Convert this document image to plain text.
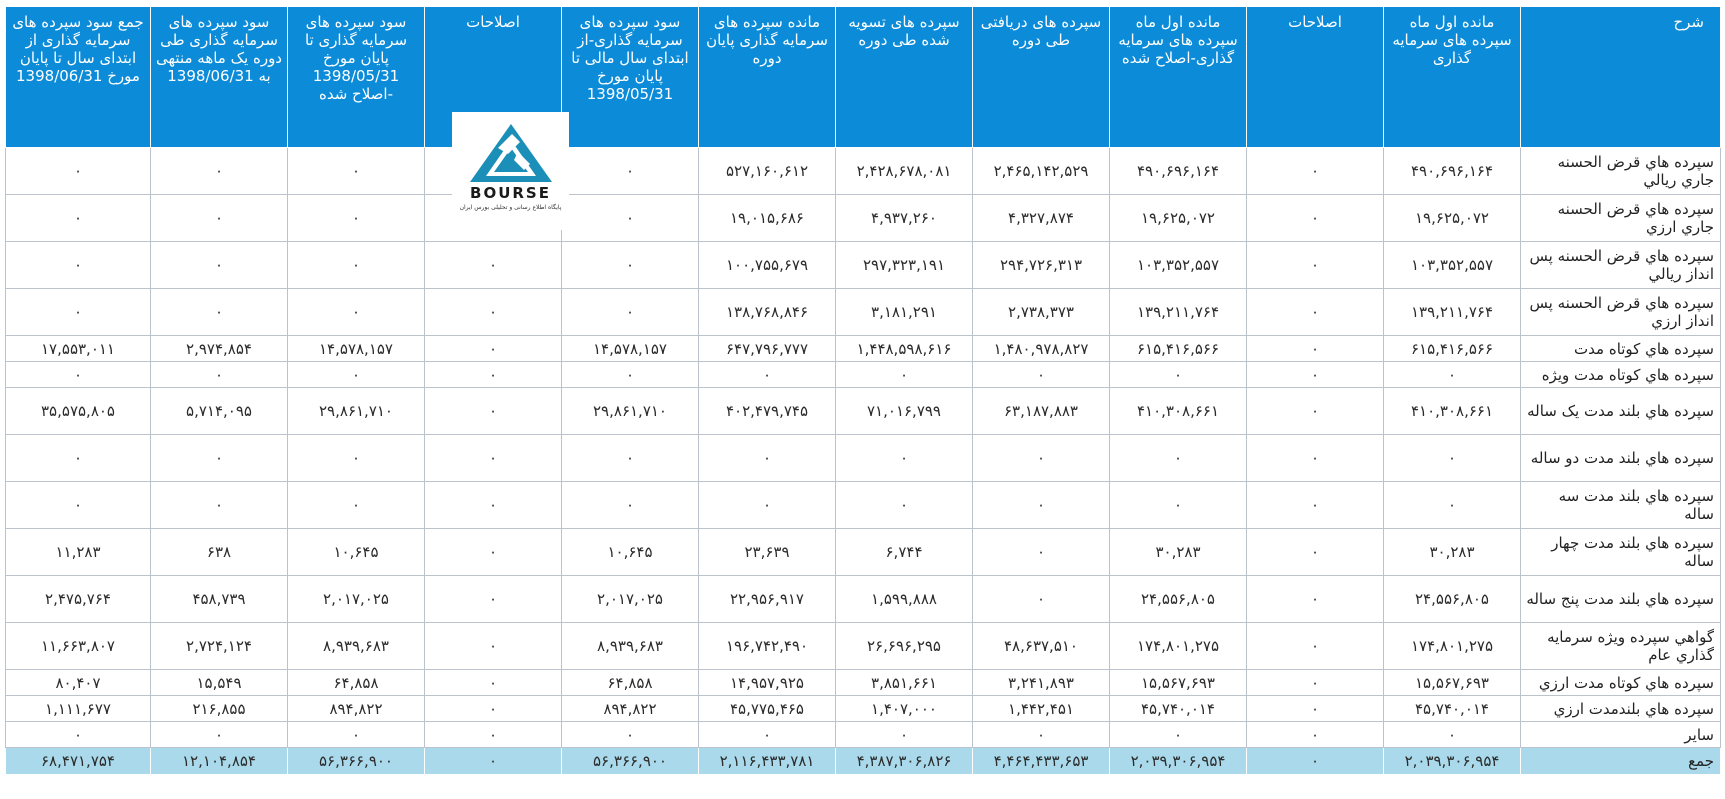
شرح	مانده اول ماه سپرده های سرمایه گذاری	اصلاحات	مانده اول ماه سپرده های سرمایه گذاری-اصلاح شده	سپرده های دریافتی طی دوره	سپرده های تسویه شده طی دوره	مانده سپرده های سرمایه گذاری پایان دوره	سود سپرده های سرمایه گذاری-از ابتدای سال مالی تا پایان مورخ 1398/05/31	اصلاحات	سود سپرده های سرمایه گذاری تا پایان مورخ 1398/05/31 -اصلاح شده	سود سپرده های سرمایه گذاری طی دوره یک ماهه منتهی به 1398/06/31	جمع سود سپرده های سرمایه گذاری از ابتدای سال تا پایان مورخ 1398/06/31
سپرده هاي قرض الحسنه جاري ريالي	۴۹۰,۶۹۶,۱۶۴	۰	۴۹۰,۶۹۶,۱۶۴	۲,۴۶۵,۱۴۲,۵۲۹	۲,۴۲۸,۶۷۸,۰۸۱	۵۲۷,۱۶۰,۶۱۲	۰		۰	۰	۰
سپرده هاي قرض الحسنه جاري ارزي	۱۹,۶۲۵,۰۷۲	۰	۱۹,۶۲۵,۰۷۲	۴,۳۲۷,۸۷۴	۴,۹۳۷,۲۶۰	۱۹,۰۱۵,۶۸۶	۰		۰	۰	۰
سپرده هاي قرض الحسنه پس انداز ريالي	۱۰۳,۳۵۲,۵۵۷	۰	۱۰۳,۳۵۲,۵۵۷	۲۹۴,۷۲۶,۳۱۳	۲۹۷,۳۲۳,۱۹۱	۱۰۰,۷۵۵,۶۷۹	۰	۰	۰	۰	۰
سپرده هاي قرض الحسنه پس انداز ارزي	۱۳۹,۲۱۱,۷۶۴	۰	۱۳۹,۲۱۱,۷۶۴	۲,۷۳۸,۳۷۳	۳,۱۸۱,۲۹۱	۱۳۸,۷۶۸,۸۴۶	۰	۰	۰	۰	۰
سپرده هاي كوتاه مدت	۶۱۵,۴۱۶,۵۶۶	۰	۶۱۵,۴۱۶,۵۶۶	۱,۴۸۰,۹۷۸,۸۲۷	۱,۴۴۸,۵۹۸,۶۱۶	۶۴۷,۷۹۶,۷۷۷	۱۴,۵۷۸,۱۵۷	۰	۱۴,۵۷۸,۱۵۷	۲,۹۷۴,۸۵۴	۱۷,۵۵۳,۰۱۱
سپرده هاي كوتاه مدت ويژه	۰	۰	۰	۰	۰	۰	۰	۰	۰	۰	۰
سپرده هاي بلند مدت يک ساله	۴۱۰,۳۰۸,۶۶۱	۰	۴۱۰,۳۰۸,۶۶۱	۶۳,۱۸۷,۸۸۳	۷۱,۰۱۶,۷۹۹	۴۰۲,۴۷۹,۷۴۵	۲۹,۸۶۱,۷۱۰	۰	۲۹,۸۶۱,۷۱۰	۵,۷۱۴,۰۹۵	۳۵,۵۷۵,۸۰۵
سپرده هاي بلند مدت دو ساله	۰	۰	۰	۰	۰	۰	۰	۰	۰	۰	۰
سپرده هاي بلند مدت سه ساله	۰	۰	۰	۰	۰	۰	۰	۰	۰	۰	۰
سپرده هاي بلند مدت چهار ساله	۳۰,۲۸۳	۰	۳۰,۲۸۳	۰	۶,۷۴۴	۲۳,۶۳۹	۱۰,۶۴۵	۰	۱۰,۶۴۵	۶۳۸	۱۱,۲۸۳
سپرده هاي بلند مدت پنج ساله	۲۴,۵۵۶,۸۰۵	۰	۲۴,۵۵۶,۸۰۵	۰	۱,۵۹۹,۸۸۸	۲۲,۹۵۶,۹۱۷	۲,۰۱۷,۰۲۵	۰	۲,۰۱۷,۰۲۵	۴۵۸,۷۳۹	۲,۴۷۵,۷۶۴
گواهي سپرده ويژه سرمايه گذاري عام	۱۷۴,۸۰۱,۲۷۵	۰	۱۷۴,۸۰۱,۲۷۵	۴۸,۶۳۷,۵۱۰	۲۶,۶۹۶,۲۹۵	۱۹۶,۷۴۲,۴۹۰	۸,۹۳۹,۶۸۳	۰	۸,۹۳۹,۶۸۳	۲,۷۲۴,۱۲۴	۱۱,۶۶۳,۸۰۷
سپرده هاي كوتاه مدت ارزي	۱۵,۵۶۷,۶۹۳	۰	۱۵,۵۶۷,۶۹۳	۳,۲۴۱,۸۹۳	۳,۸۵۱,۶۶۱	۱۴,۹۵۷,۹۲۵	۶۴,۸۵۸	۰	۶۴,۸۵۸	۱۵,۵۴۹	۸۰,۴۰۷
سپرده هاي بلندمدت ارزي	۴۵,۷۴۰,۰۱۴	۰	۴۵,۷۴۰,۰۱۴	۱,۴۴۲,۴۵۱	۱,۴۰۷,۰۰۰	۴۵,۷۷۵,۴۶۵	۸۹۴,۸۲۲	۰	۸۹۴,۸۲۲	۲۱۶,۸۵۵	۱,۱۱۱,۶۷۷
ساير	۰	۰	۰	۰	۰	۰	۰	۰	۰	۰	۰
جمع	۲,۰۳۹,۳۰۶,۹۵۴	۰	۲,۰۳۹,۳۰۶,۹۵۴	۴,۴۶۴,۴۳۳,۶۵۳	۴,۳۸۷,۳۰۶,۸۲۶	۲,۱۱۶,۴۳۳,۷۸۱	۵۶,۳۶۶,۹۰۰	۰	۵۶,۳۶۶,۹۰۰	۱۲,۱۰۴,۸۵۴	۶۸,۴۷۱,۷۵۴
BOURSE
پایگاه اطلاع رسانی و تحلیلی بورس ایران
